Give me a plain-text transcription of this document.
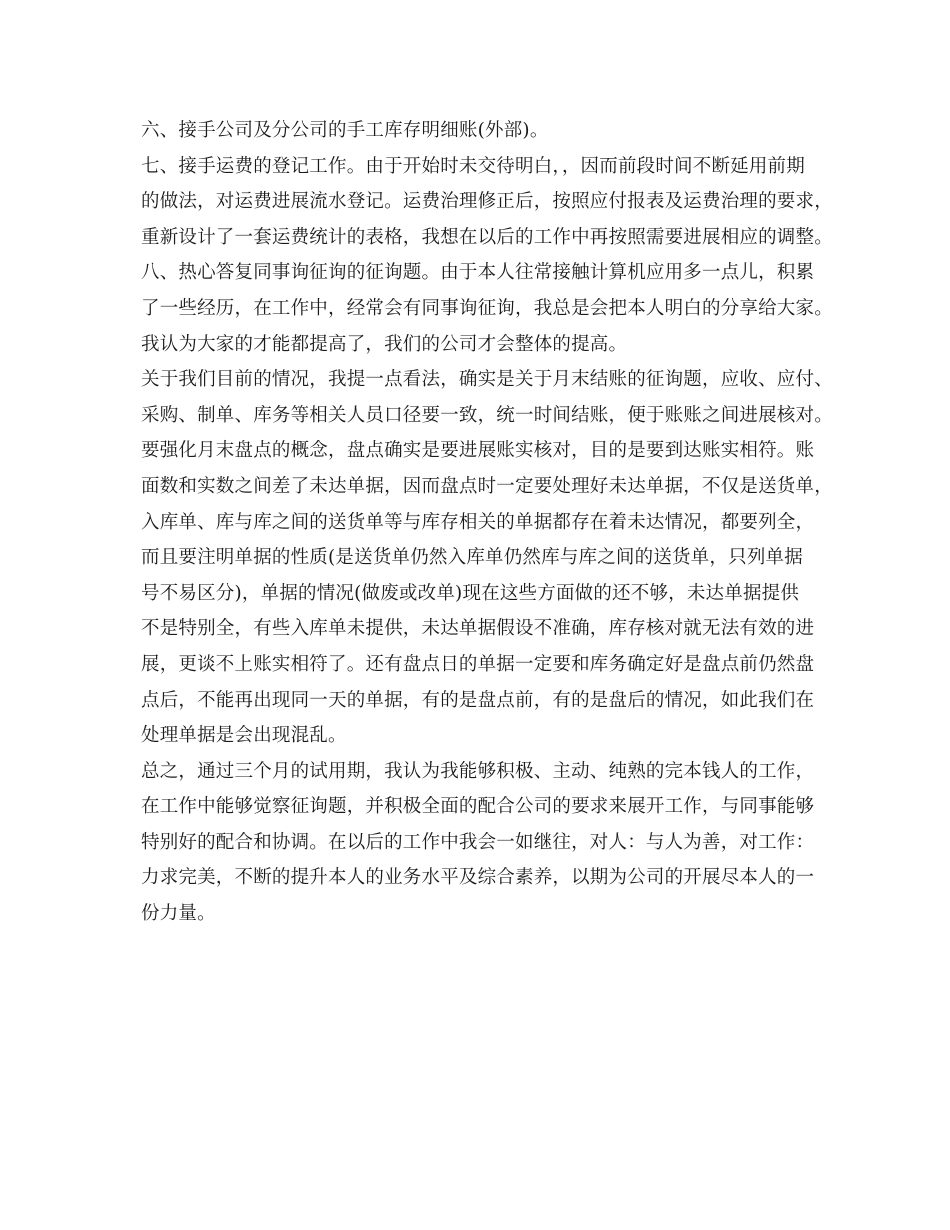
六、接手公司及分公司的手工库存明细账(外部)。
七、接手运费的登记工作。由于开始时未交待明白，，因而前段时间不断延用前期
的做法，对运费进展流水登记。运费治理修正后，按照应付报表及运费治理的要求，
重新设计了一套运费统计的表格，我想在以后的工作中再按照需要进展相应的调整。
八、热心答复同事询征询的征询题。由于本人往常接触计算机应用多一点儿，积累
了一些经历，在工作中，经常会有同事询征询，我总是会把本人明白的分享给大家。
我认为大家的才能都提高了，我们的公司才会整体的提高。
关于我们目前的情况，我提一点看法，确实是关于月末结账的征询题，应收、应付、
采购、制单、库务等相关人员口径要一致，统一时间结账，便于账账之间进展核对。
要强化月末盘点的概念，盘点确实是要进展账实核对，目的是要到达账实相符。账
面数和实数之间差了未达单据，因而盘点时一定要处理好未达单据，不仅是送货单，
入库单、库与库之间的送货单等与库存相关的单据都存在着未达情况，都要列全，
而且要注明单据的性质(是送货单仍然入库单仍然库与库之间的送货单，只列单据
号不易区分)，单据的情况(做废或改单)现在这些方面做的还不够，未达单据提供
不是特别全，有些入库单未提供，未达单据假设不准确，库存核对就无法有效的进
展，更谈不上账实相符了。还有盘点日的单据一定要和库务确定好是盘点前仍然盘
点后，不能再出现同一天的单据，有的是盘点前，有的是盘后的情况，如此我们在
处理单据是会出现混乱。
总之，通过三个月的试用期，我认为我能够积极、主动、纯熟的完本钱人的工作，
在工作中能够觉察征询题，并积极全面的配合公司的要求来展开工作，与同事能够
特别好的配合和协调。在以后的工作中我会一如继往，对人：与人为善，对工作：
力求完美，不断的提升本人的业务水平及综合素养，以期为公司的开展尽本人的一
份力量。
